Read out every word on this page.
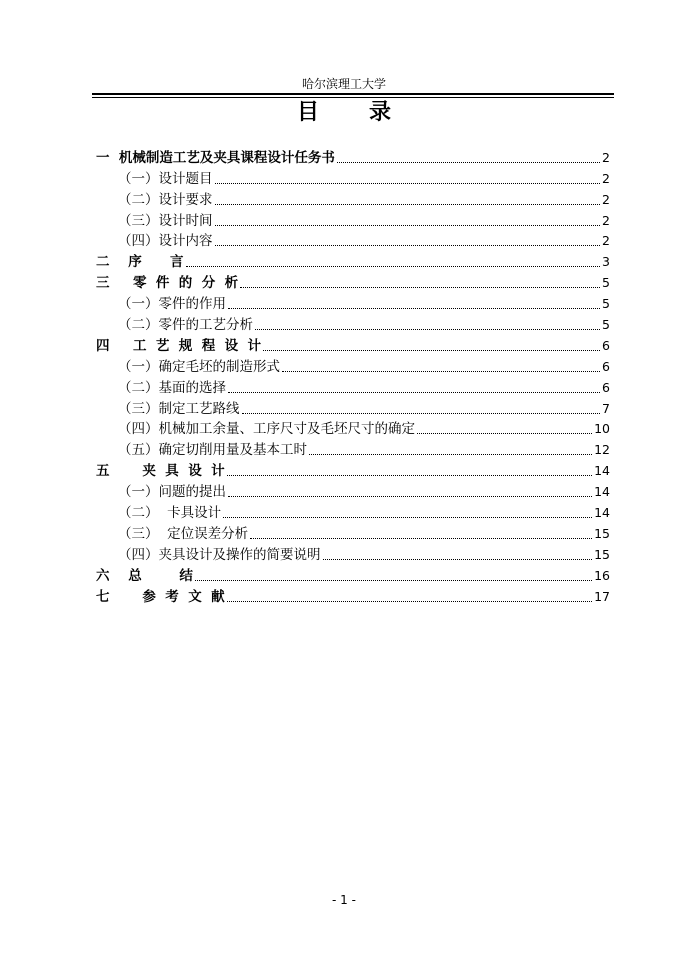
哈尔滨理工大学
目 录
一  机械制造工艺及夹具课程设计任务书	2
（一）设计题目	2
（二）设计要求	2
（三）设计时间	2
（四）设计内容	2
二    序      言	3
三     零  件  的  分  析	5
（一）零件的作用	5
（二）零件的工艺分析	5
四     工  艺  规  程  设  计	6
（一）确定毛坯的制造形式	6
（二）基面的选择	6
（三）制定工艺路线	7
（四）机械加工余量、工序尺寸及毛坯尺寸的确定	10
（五）确定切削用量及基本工时	12
五       夹  具  设  计	14
（一）问题的提出	14
（二）  卡具设计	14
（三）  定位误差分析	15
（四）夹具设计及操作的简要说明	15
六    总        结	16
七       参  考  文  献	17
- 1 -
